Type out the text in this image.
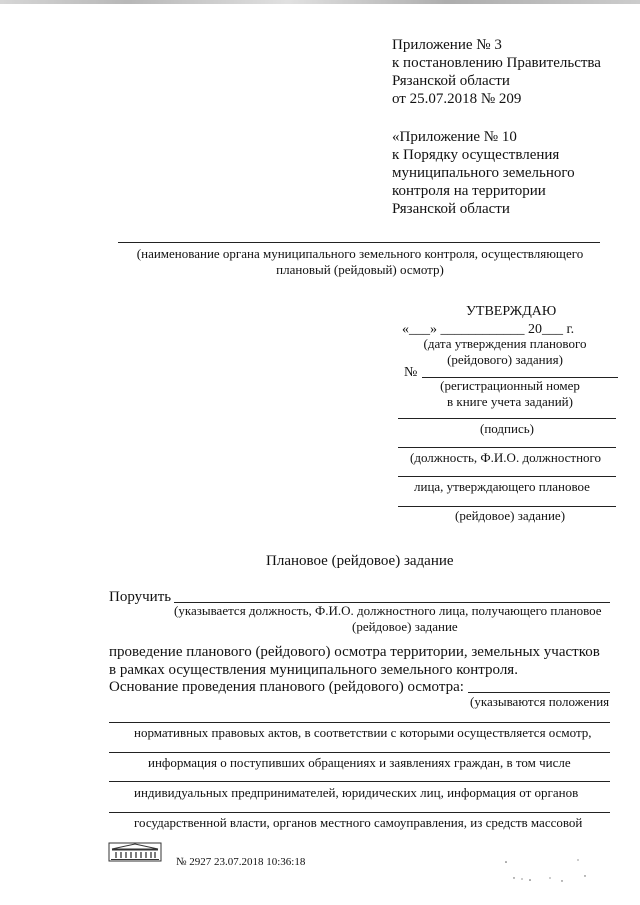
Приложение № 3
к постановлению Правительства
Рязанской области
от 25.07.2018 № 209
«Приложение № 10
к Порядку осуществления
муниципального земельного
контроля на территории
Рязанской области
(наименование органа муниципального земельного контроля, осуществляющего
плановый (рейдовый) осмотр)
УТВЕРЖДАЮ
«___» ____________ 20___ г.
(дата утверждения планового
(рейдового) задания)
№
(регистрационный номер
в книге учета заданий)
(подпись)
(должность, Ф.И.О. должностного
лица, утверждающего плановое
(рейдовое) задание)
Плановое (рейдовое) задание
Поручить
(указывается должность, Ф.И.О. должностного лица, получающего плановое
(рейдовое) задание
проведение планового (рейдового) осмотра территории, земельных участков
в рамках осуществления муниципального земельного контроля.
Основание проведения планового (рейдового) осмотра:
(указываются положения
нормативных правовых актов, в соответствии с которыми осуществляется осмотр,
информация о поступивших обращениях и заявлениях граждан, в том числе
индивидуальных предпринимателей, юридических лиц, информация от органов
государственной власти, органов местного самоуправления, из средств массовой
№ 2927 23.07.2018 10:36:18
